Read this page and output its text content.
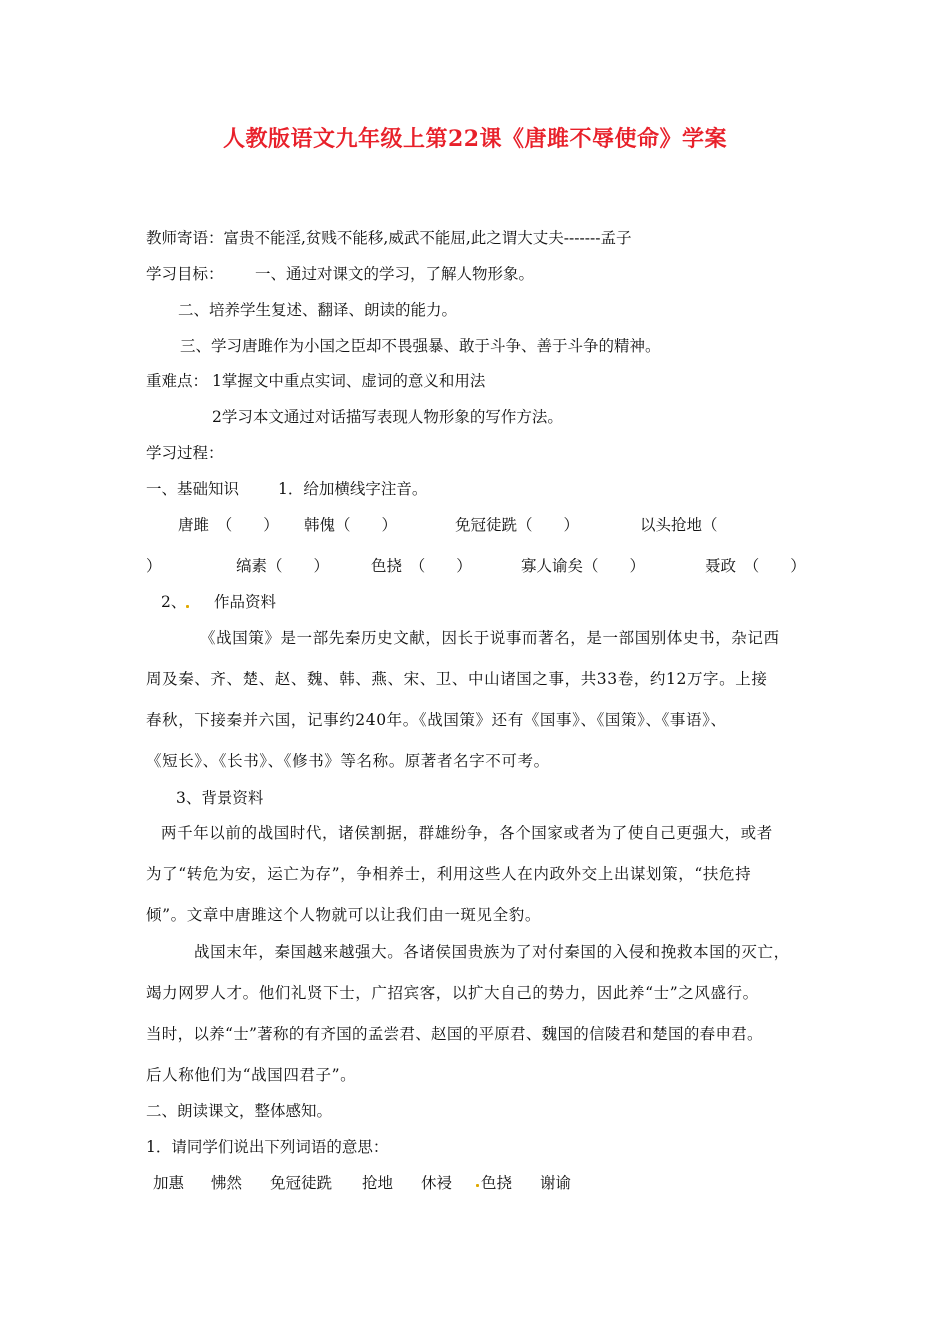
人教版语文九年级上第22课《唐雎不辱使命》学案
教师寄语：富贵不能淫,贫贱不能移,威武不能屈,此之谓大丈夫-------孟子
学习目标： 一、通过对课文的学习，了解人物形象。
二、培养学生复述、翻译、朗读的能力。
三、学习唐雎作为小国之臣却不畏强暴、敢于斗争、善于斗争的精神。
重难点： 1掌握文中重点实词、虚词的意义和用法
2学习本文通过对话描写表现人物形象的写作方法。
学习过程：
一、基础知识	1．给加横线字注音。
唐雎　（　　） 韩傀（　　）	免冠徒跣（　　）	以头抢地（
）	缟素（　　）	色挠　（　　）	寡人谕矣（　　）	聂政　（　　）
2、 作品资料
《战国策》是一部先秦历史文献，因长于说事而著名，是一部国别体史书，杂记西
周及秦、齐、楚、赵、魏、韩、燕、宋、卫、中山诸国之事，共33卷，约12万字。上接
春秋，下接秦并六国，记事约240年。《战国策》还有《国事》、《国策》、《事语》、
《短长》、《长书》、《修书》等名称。原著者名字不可考。
3、背景资料
两千年以前的战国时代，诸侯割据，群雄纷争，各个国家或者为了使自己更强大，或者
为了“转危为安，运亡为存”，争相养士，利用这些人在内政外交上出谋划策，“扶危持
倾”。文章中唐雎这个人物就可以让我们由一斑见全豹。
战国末年，秦国越来越强大。各诸侯国贵族为了对付秦国的入侵和挽救本国的灭亡，
竭力网罗人才。他们礼贤下士，广招宾客，以扩大自己的势力，因此养“士”之风盛行。
当时，以养“士”著称的有齐国的孟尝君、赵国的平原君、魏国的信陵君和楚国的春申君。
后人称他们为“战国四君子”。
二、朗读课文，整体感知。
1．请同学们说出下列词语的意思：
加惠 怫然 免冠徒跣 抢地 休祲 色挠 谢谕
